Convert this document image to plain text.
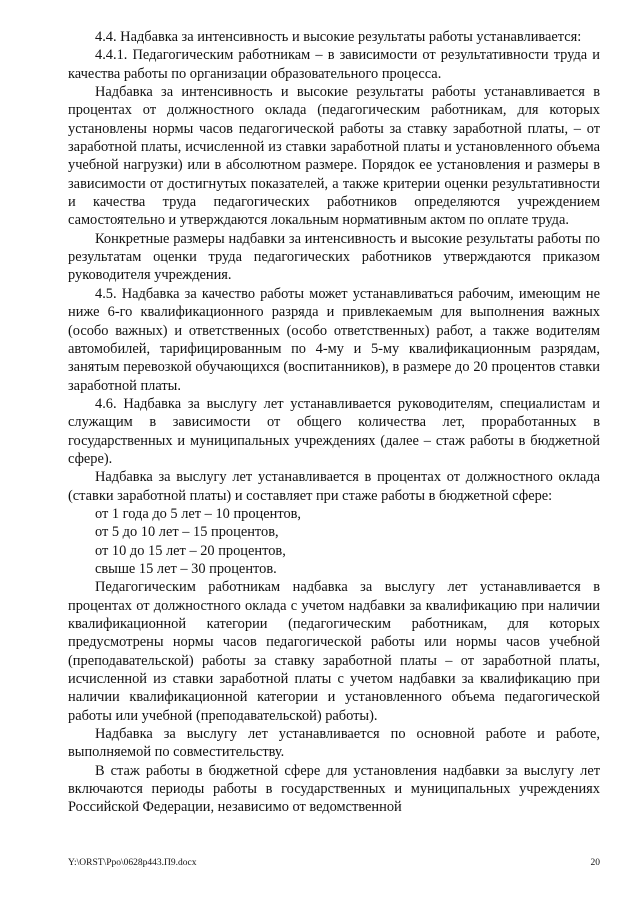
4.4. Надбавка за интенсивность и высокие результаты работы устанавливается:

4.4.1. Педагогическим работникам – в зависимости от результативности труда и качества работы по организации образовательного процесса.

Надбавка за интенсивность и высокие результаты работы устанавливается в процентах от должностного оклада (педагогическим работникам, для которых установлены нормы часов педагогической работы за ставку заработной платы, – от заработной платы, исчисленной из ставки заработной платы и установленного объема учебной нагрузки) или в абсолютном размере. Порядок ее установления и размеры в зависимости от достигнутых показателей, а также критерии оценки результативности и качества труда педагогических работников определяются учреждением самостоятельно и утверждаются локальным нормативным актом по оплате труда.

Конкретные размеры надбавки за интенсивность и высокие результаты работы по результатам оценки труда педагогических работников утверждаются приказом руководителя учреждения.

4.5. Надбавка за качество работы может устанавливаться рабочим, имеющим не ниже 6-го квалификационного разряда и привлекаемым для выполнения важных (особо важных) и ответственных (особо ответственных) работ, а также водителям автомобилей, тарифицированным по 4-му и 5-му квалификационным разрядам, занятым перевозкой обучающихся (воспитанников), в размере до 20 процентов ставки заработной платы.

4.6. Надбавка за выслугу лет устанавливается руководителям, специалистам и служащим в зависимости от общего количества лет, проработанных в государственных и муниципальных учреждениях (далее – стаж работы в бюджетной сфере).

Надбавка за выслугу лет устанавливается в процентах от должностного оклада (ставки заработной платы) и составляет при стаже работы в бюджетной сфере:

от 1 года до 5 лет – 10 процентов,

от 5 до 10 лет – 15 процентов,

от 10 до 15 лет – 20 процентов,

свыше 15 лет – 30 процентов.

Педагогическим работникам надбавка за выслугу лет устанавливается в процентах от должностного оклада с учетом надбавки за квалификацию при наличии квалификационной категории (педагогическим работникам, для которых предусмотрены нормы часов педагогической работы или нормы часов учебной (преподавательской) работы за ставку заработной платы – от заработной платы, исчисленной из ставки заработной платы с учетом надбавки за квалификацию при наличии квалификационной категории и установленного объема педагогической работы или учебной (преподавательской) работы).

Надбавка за выслугу лет устанавливается по основной работе и работе, выполняемой по совместительству.

В стаж работы в бюджетной сфере для установления надбавки за выслугу лет включаются периоды работы в государственных и муниципальных учреждениях Российской Федерации, независимо от ведомственной

Y:\ORST\Ppo\0628p443.П9.docx	20
